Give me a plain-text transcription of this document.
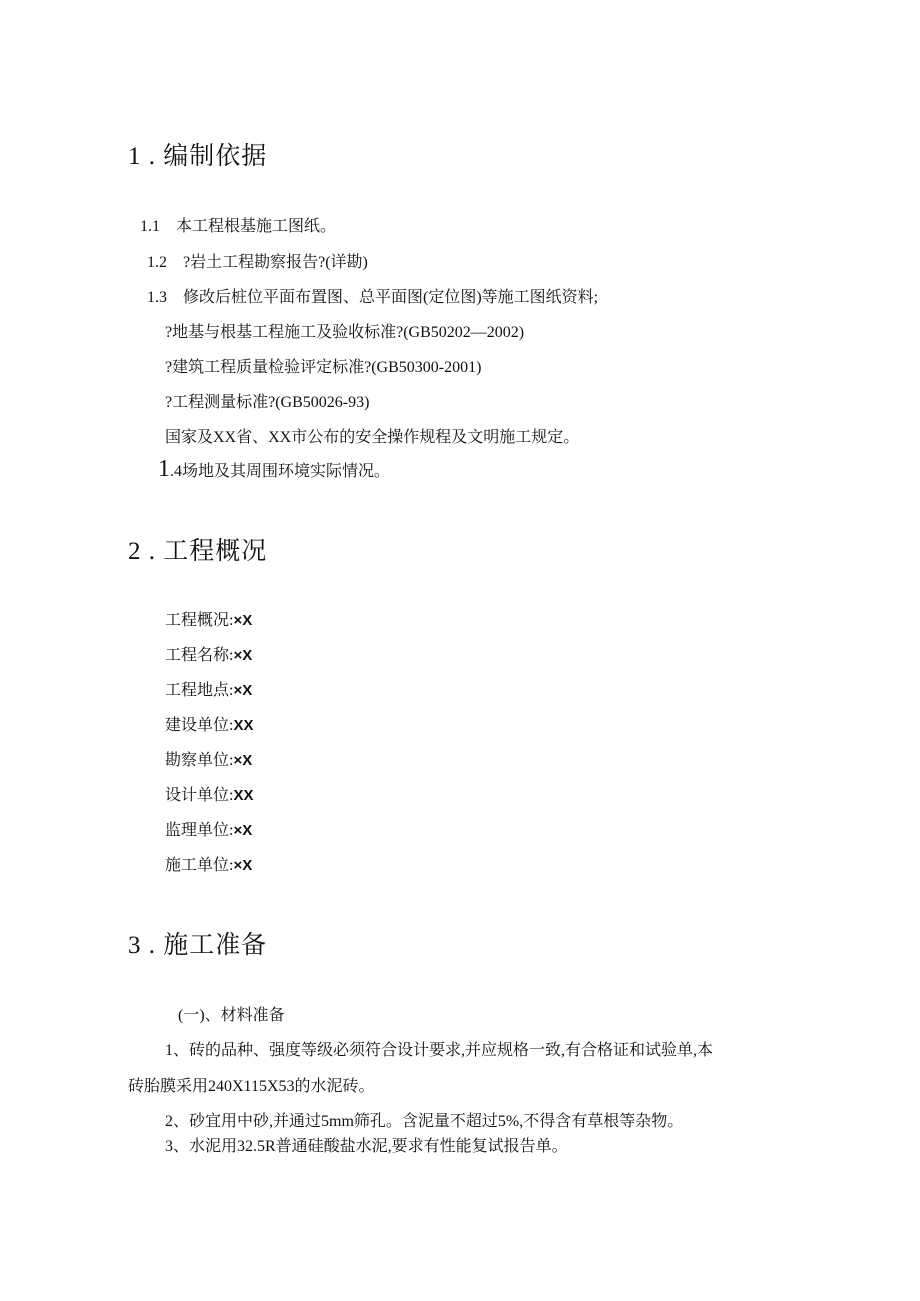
1 . 编制依据
1.1 本工程根基施工图纸。
1.2 ?岩土工程勘察报告?(详勘)
1.3 修改后桩位平面布置图、总平面图(定位图)等施工图纸资料;
?地基与根基工程施工及验收标准?(GB50202—2002)
?建筑工程质量检验评定标准?(GB50300-2001)
?工程测量标准?(GB50026-93)
国家及XX省、XX市公布的安全操作规程及文明施工规定。
1.4场地及其周围环境实际情况。
2 . 工程概况
工程概况:×X
工程名称:×X
工程地点:×X
建设单位:XX
勘察单位:×X
设计单位:XX
监理单位:×X
施工单位:×X
3 . 施工准备
(一)、材料准备
1、砖的品种、强度等级必须符合设计要求,并应规格一致,有合格证和试验单,本
砖胎膜采用240X115X53的水泥砖。
2、砂宜用中砂,并通过5mm筛孔。含泥量不超过5%,不得含有草根等杂物。
3、水泥用32.5R普通硅酸盐水泥,要求有性能复试报告单。
